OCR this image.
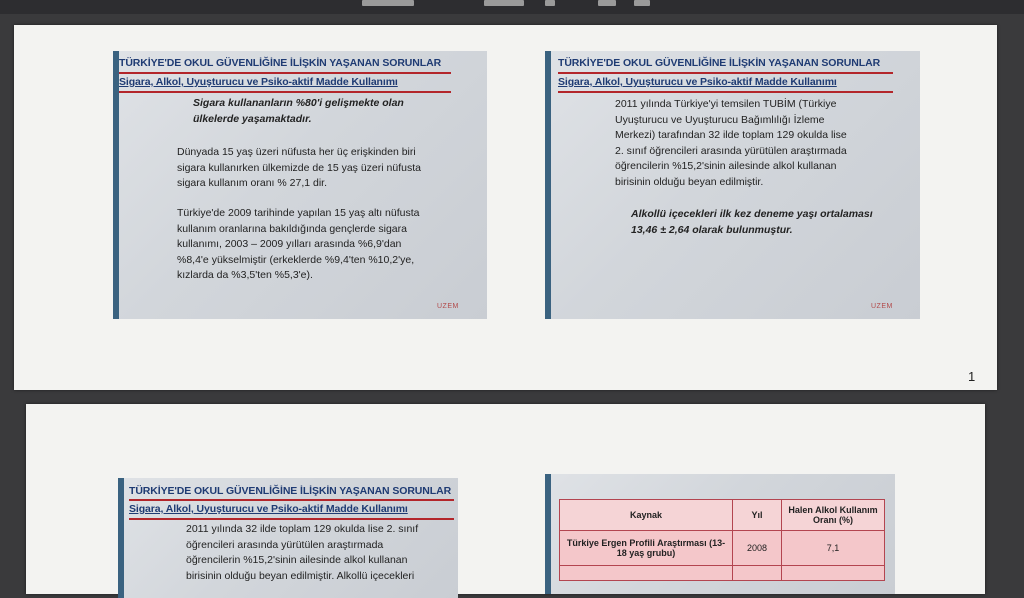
TÜRKİYE'DE OKUL GÜVENLİĞİNE İLİŞKİN YAŞANAN SORUNLAR
Sigara, Alkol, Uyuşturucu ve Psiko-aktif Madde Kullanımı
Sigara kullananların %80'i gelişmekte olan
ülkelerde yaşamaktadır.
Dünyada 15 yaş üzeri nüfusta her üç erişkinden biri
sigara kullanırken ülkemizde de 15 yaş üzeri nüfusta
sigara kullanım oranı % 27,1 dir.
Türkiye'de 2009 tarihinde yapılan 15 yaş altı nüfusta
kullanım oranlarına bakıldığında gençlerde sigara
kullanımı, 2003 – 2009 yılları arasında %6,9'dan
%8,4'e yükselmiştir (erkeklerde %9,4'ten %10,2'ye,
kızlarda da %3,5'ten %5,3'e).
UZEM
TÜRKİYE'DE OKUL GÜVENLİĞİNE İLİŞKİN YAŞANAN SORUNLAR
Sigara, Alkol, Uyuşturucu ve Psiko-aktif Madde Kullanımı
2011 yılında Türkiye'yi temsilen TUBİM (Türkiye
Uyuşturucu ve Uyuşturucu Bağımlılığı İzleme
Merkezi) tarafından 32 ilde toplam 129 okulda lise
2. sınıf öğrencileri arasında yürütülen araştırmada
öğrencilerin %15,2'sinin ailesinde alkol kullanan
birisinin olduğu beyan edilmiştir.
Alkollü içecekleri ilk kez deneme yaşı ortalaması
13,46 ± 2,64 olarak bulunmuştur.
UZEM
1
TÜRKİYE'DE OKUL GÜVENLİĞİNE İLİŞKİN YAŞANAN SORUNLAR
Sigara, Alkol, Uyuşturucu ve Psiko-aktif Madde Kullanımı
2011 yılında 32 ilde toplam 129 okulda lise 2. sınıf
öğrencileri arasında yürütülen araştırmada
öğrencilerin %15,2'sinin ailesinde alkol kullanan
birisinin olduğu beyan edilmiştir. Alkollü içecekleri
Kaynak	Yıl	Halen Alkol Kullanım Oranı (%)
Türkiye Ergen Profili Araştırması (13-18 yaş grubu)	2008	7,1
